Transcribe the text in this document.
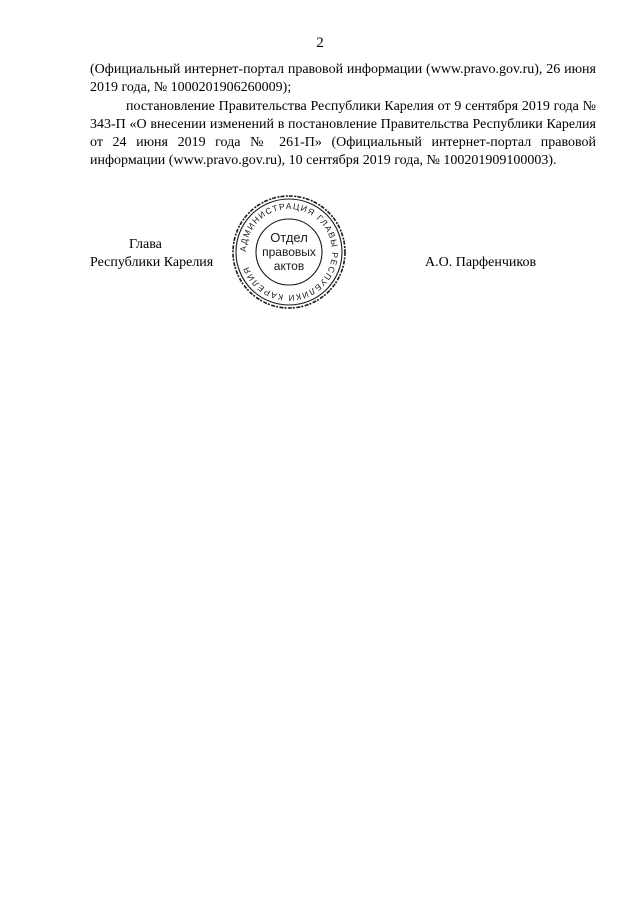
2

(Официальный интернет-портал правовой информации (www.pravo.gov.ru), 26 июня 2019 года, № 1000201906260009);

постановление Правительства Республики Карелия от 9 сентября 2019 года № 343-П «О внесении изменений в постановление Правительства Республики Карелия от 24 июня 2019 года № 261-П» (Официальный интернет-портал правовой информации (www.pravo.gov.ru), 10 сентября 2019 года, № 100201909100003).

Глава
Республики Карелия	А.О. Парфенчиков
АДМИНИСТРАЦИЯ ГЛАВЫ РЕСПУБЛИКИ КАРЕЛИЯ
Отдел
правовых
актов
